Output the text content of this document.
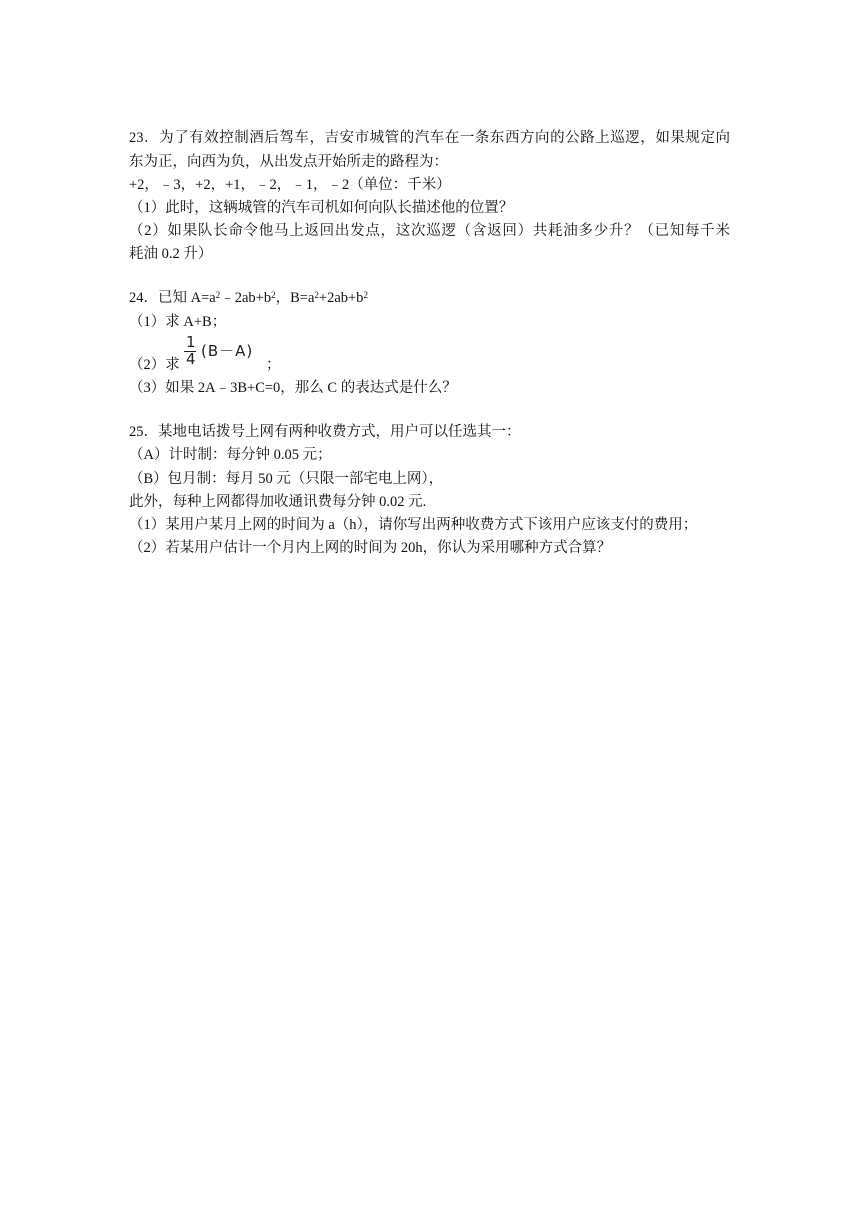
23．为了有效控制酒后驾车，吉安市城管的汽车在一条东西方向的公路上巡逻，如果规定向
东为正，向西为负，从出发点开始所走的路程为：
+2，﹣3，+2，+1，﹣2，﹣1，﹣2（单位：千米）
（1）此时，这辆城管的汽车司机如何向队长描述他的位置？
（2）如果队长命令他马上返回出发点，这次巡逻（含返回）共耗油多少升？（已知每千米
耗油 0.2 升）
24．已知 $A=a^2﹣2ab+b^2$，$B=a^2+2ab+b^2$
（1）求 A+B；
1
4 (B－A)
（2）求	；
（3）如果 2A﹣3B+C=0，那么 C 的表达式是什么？
25．某地电话拨号上网有两种收费方式，用户可以任选其一：
（A）计时制：每分钟 0.05 元；
（B）包月制：每月 50 元（只限一部宅电上网），
此外，每种上网都得加收通讯费每分钟 0.02 元.
（1）某用户某月上网的时间为 a（h），请你写出两种收费方式下该用户应该支付的费用；
（2）若某用户估计一个月内上网的时间为 20h，你认为采用哪种方式合算？
